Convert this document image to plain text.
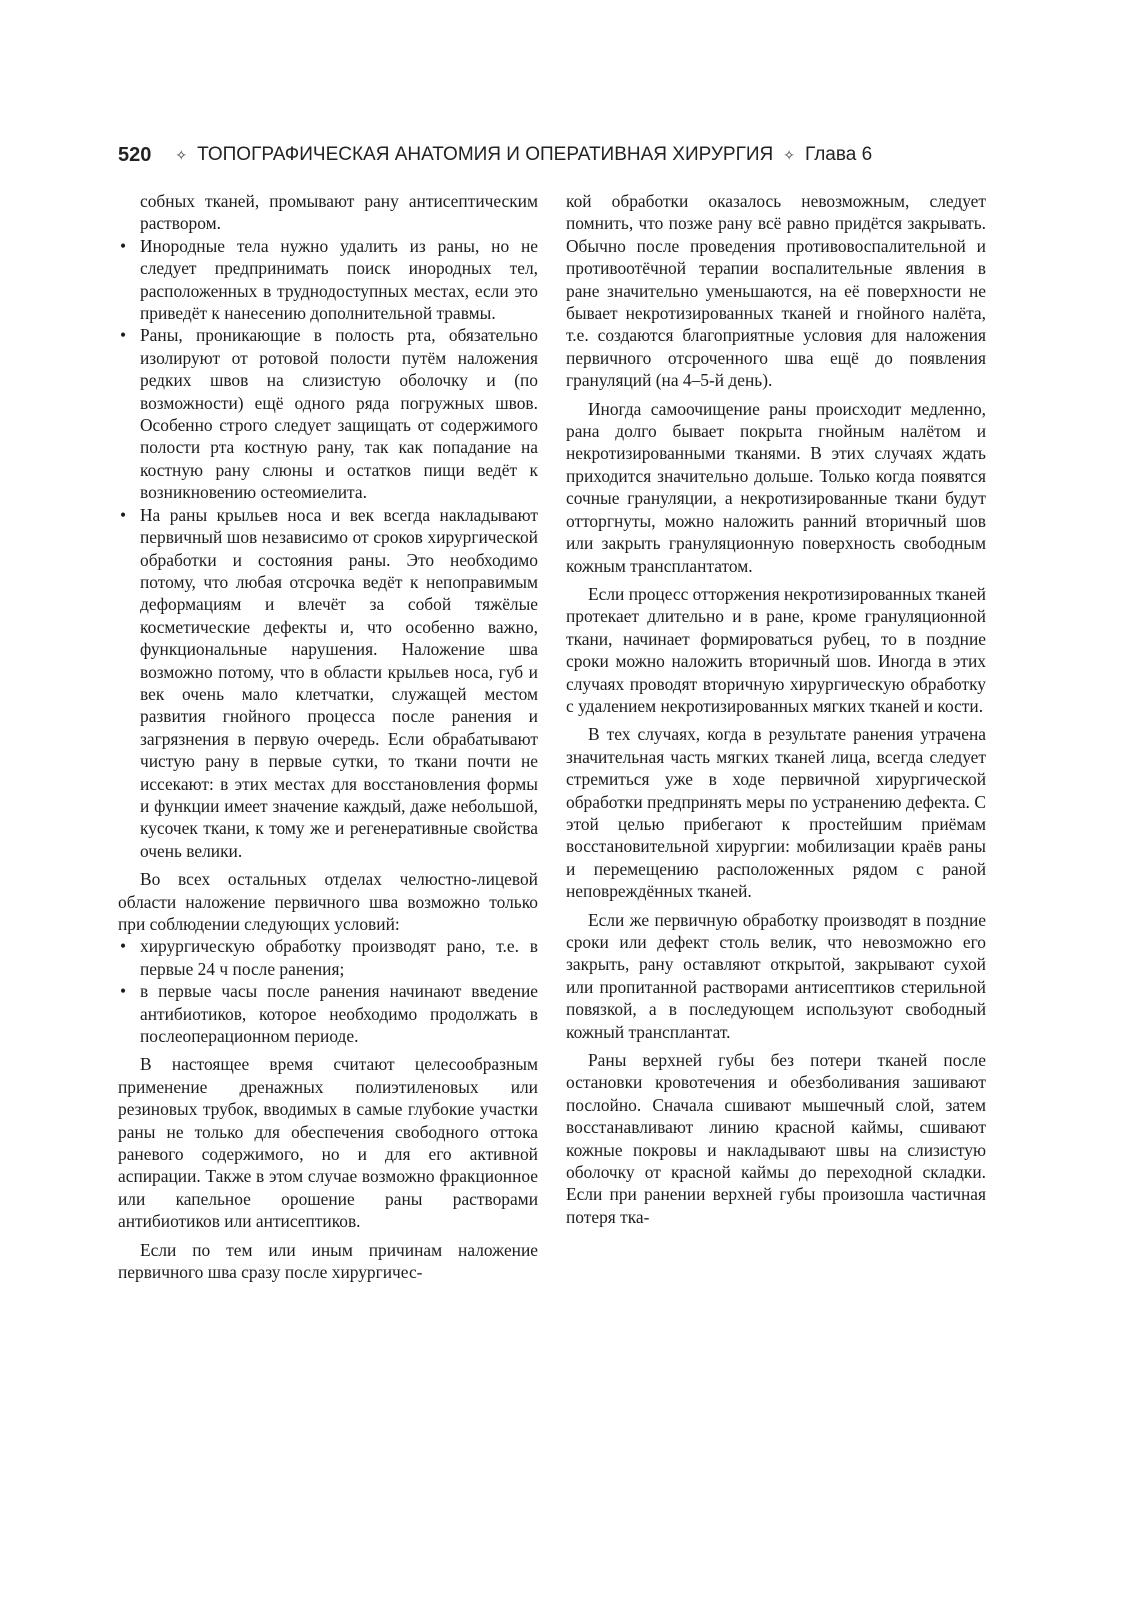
520 ✧ ТОПОГРАФИЧЕСКАЯ АНАТОМИЯ И ОПЕРАТИВНАЯ ХИРУРГИЯ ✧ Глава 6

собных тканей, промывают рану антисептическим раствором.

• Инородные тела нужно удалить из раны, но не следует предпринимать поиск инородных тел, расположенных в труднодоступных местах, если это приведёт к нанесению дополнительной травмы.
• Раны, проникающие в полость рта, обязательно изолируют от ротовой полости путём наложения редких швов на слизистую оболочку и (по возможности) ещё одного ряда погружных швов. Особенно строго следует защищать от содержимого полости рта костную рану, так как попадание на костную рану слюны и остатков пищи ведёт к возникновению остеомиелита.
• На раны крыльев носа и век всегда накладывают первичный шов независимо от сроков хирургической обработки и состояния раны. Это необходимо потому, что любая отсрочка ведёт к непоправимым деформациям и влечёт за собой тяжёлые косметические дефекты и, что особенно важно, функциональные нарушения. Наложение шва возможно потому, что в области крыльев носа, губ и век очень мало клетчатки, служащей местом развития гнойного процесса после ранения и загрязнения в первую очередь. Если обрабатывают чистую рану в первые сутки, то ткани почти не иссекают: в этих местах для восстановления формы и функции имеет значение каждый, даже небольшой, кусочек ткани, к тому же и регенеративные свойства очень велики.

Во всех остальных отделах челюстно-лицевой области наложение первичного шва возможно только при соблюдении следующих условий:

• хирургическую обработку производят рано, т.е. в первые 24 ч после ранения;
• в первые часы после ранения начинают введение антибиотиков, которое необходимо продолжать в послеоперационном периоде.

В настоящее время считают целесообразным применение дренажных полиэтиленовых или резиновых трубок, вводимых в самые глубокие участки раны не только для обеспечения свободного оттока раневого содержимого, но и для его активной аспирации. Также в этом случае возможно фракционное или капельное орошение раны растворами антибиотиков или антисептиков.

Если по тем или иным причинам наложение первичного шва сразу после хирургичес-

кой обработки оказалось невозможным, следует помнить, что позже рану всё равно придётся закрывать. Обычно после проведения противовоспалительной и противоотёчной терапии воспалительные явления в ране значительно уменьшаются, на её поверхности не бывает некротизированных тканей и гнойного налёта, т.е. создаются благоприятные условия для наложения первичного отсроченного шва ещё до появления грануляций (на 4–5-й день).

Иногда самоочищение раны происходит медленно, рана долго бывает покрыта гнойным налётом и некротизированными тканями. В этих случаях ждать приходится значительно дольше. Только когда появятся сочные грануляции, а некротизированные ткани будут отторгнуты, можно наложить ранний вторичный шов или закрыть грануляционную поверхность свободным кожным трансплантатом.

Если процесс отторжения некротизированных тканей протекает длительно и в ране, кроме грануляционной ткани, начинает формироваться рубец, то в поздние сроки можно наложить вторичный шов. Иногда в этих случаях проводят вторичную хирургическую обработку с удалением некротизированных мягких тканей и кости.

В тех случаях, когда в результате ранения утрачена значительная часть мягких тканей лица, всегда следует стремиться уже в ходе первичной хирургической обработки предпринять меры по устранению дефекта. С этой целью прибегают к простейшим приёмам восстановительной хирургии: мобилизации краёв раны и перемещению расположенных рядом с раной неповреждённых тканей.

Если же первичную обработку производят в поздние сроки или дефект столь велик, что невозможно его закрыть, рану оставляют открытой, закрывают сухой или пропитанной растворами антисептиков стерильной повязкой, а в последующем используют свободный кожный трансплантат.

Раны верхней губы без потери тканей после остановки кровотечения и обезболивания зашивают послойно. Сначала сшивают мышечный слой, затем восстанавливают линию красной каймы, сшивают кожные покровы и накладывают швы на слизистую оболочку от красной каймы до переходной складки. Если при ранении верхней губы произошла частичная потеря тка-
